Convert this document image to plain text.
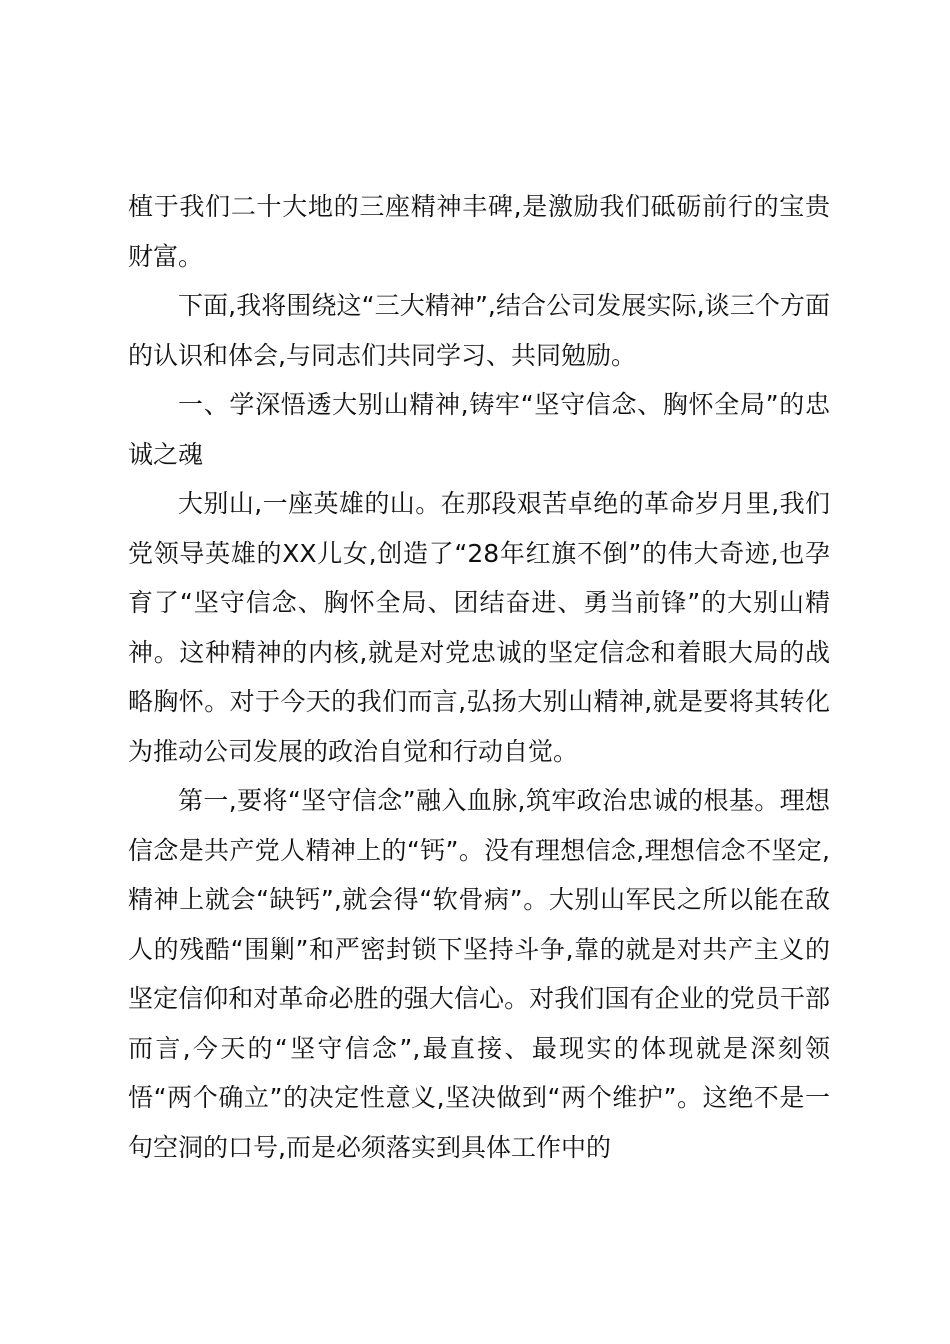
植于我们二十大地的三座精神丰碑,是激励我们砥砺前行的宝贵财富。

下面,我将围绕这“三大精神”,结合公司发展实际,谈三个方面的认识和体会,与同志们共同学习、共同勉励。

一、学深悟透大别山精神,铸牢“坚守信念、胸怀全局”的忠诚之魂

大别山,一座英雄的山。在那段艰苦卓绝的革命岁月里,我们党领导英雄的XX儿女,创造了“28年红旗不倒”的伟大奇迹,也孕育了“坚守信念、胸怀全局、团结奋进、勇当前锋”的大别山精神。这种精神的内核,就是对党忠诚的坚定信念和着眼大局的战略胸怀。对于今天的我们而言,弘扬大别山精神,就是要将其转化为推动公司发展的政治自觉和行动自觉。

第一,要将“坚守信念”融入血脉,筑牢政治忠诚的根基。理想信念是共产党人精神上的“钙”。没有理想信念,理想信念不坚定,精神上就会“缺钙”,就会得“软骨病”。大别山军民之所以能在敌人的残酷“围剿”和严密封锁下坚持斗争,靠的就是对共产主义的坚定信仰和对革命必胜的强大信心。对我们国有企业的党员干部而言,今天的“坚守信念”,最直接、最现实的体现就是深刻领悟“两个确立”的决定性意义,坚决做到“两个维护”。这绝不是一句空洞的口号,而是必须落实到具体工作中的
